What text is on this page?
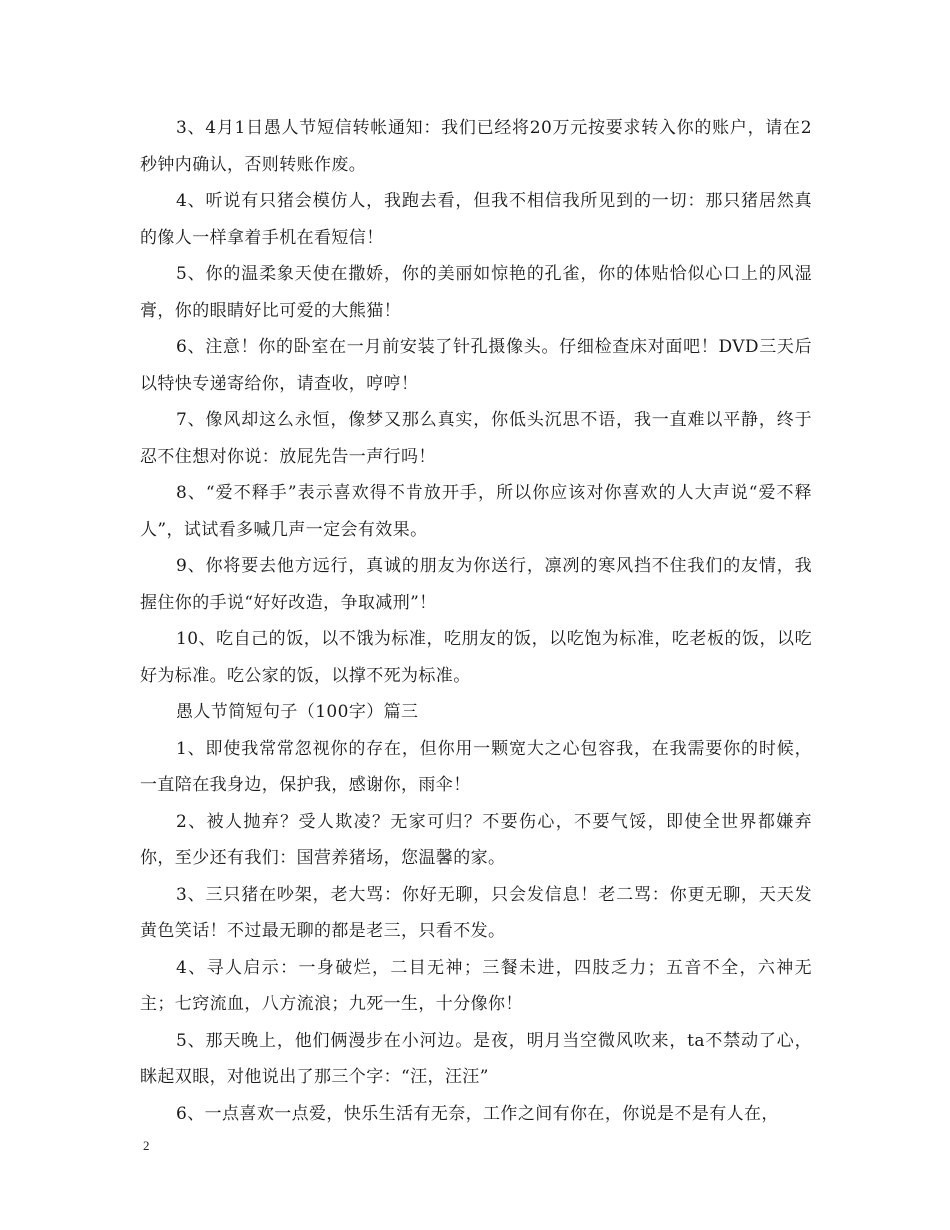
3、4月1日愚人节短信转帐通知：我们已经将20万元按要求转入你的账户，请在2秒钟内确认，否则转账作废。

4、听说有只猪会模仿人，我跑去看，但我不相信我所见到的一切：那只猪居然真的像人一样拿着手机在看短信！

5、你的温柔象天使在撒娇，你的美丽如惊艳的孔雀，你的体贴恰似心口上的风湿膏，你的眼睛好比可爱的大熊猫！

6、注意！你的卧室在一月前安装了针孔摄像头。仔细检查床对面吧！DVD三天后以特快专递寄给你，请查收，哼哼！

7、像风却这么永恒，像梦又那么真实，你低头沉思不语，我一直难以平静，终于忍不住想对你说：放屁先告一声行吗！

8、“爱不释手”表示喜欢得不肯放开手，所以你应该对你喜欢的人大声说“爱不释人”，试试看多喊几声一定会有效果。

9、你将要去他方远行，真诚的朋友为你送行，凛冽的寒风挡不住我们的友情，我握住你的手说“好好改造，争取减刑”！

10、吃自己的饭，以不饿为标准，吃朋友的饭，以吃饱为标准，吃老板的饭，以吃好为标准。吃公家的饭，以撑不死为标准。

愚人节简短句子（100字）篇三

1、即使我常常忽视你的存在，但你用一颗宽大之心包容我，在我需要你的时候，一直陪在我身边，保护我，感谢你，雨伞！

2、被人抛弃？受人欺凌？无家可归？不要伤心，不要气馁，即使全世界都嫌弃你，至少还有我们：国营养猪场，您温馨的家。

3、三只猪在吵架，老大骂：你好无聊，只会发信息！老二骂：你更无聊，天天发黄色笑话！不过最无聊的都是老三，只看不发。

4、寻人启示：一身破烂，二目无神；三餐未进，四肢乏力；五音不全，六神无主；七窍流血，八方流浪；九死一生，十分像你！

5、那天晚上，他们俩漫步在小河边。是夜，明月当空微风吹来，ta不禁动了心，眯起双眼，对他说出了那三个字：“汪，汪汪”

6、一点喜欢一点爱，快乐生活有无奈，工作之间有你在，你说是不是有人在，

2
